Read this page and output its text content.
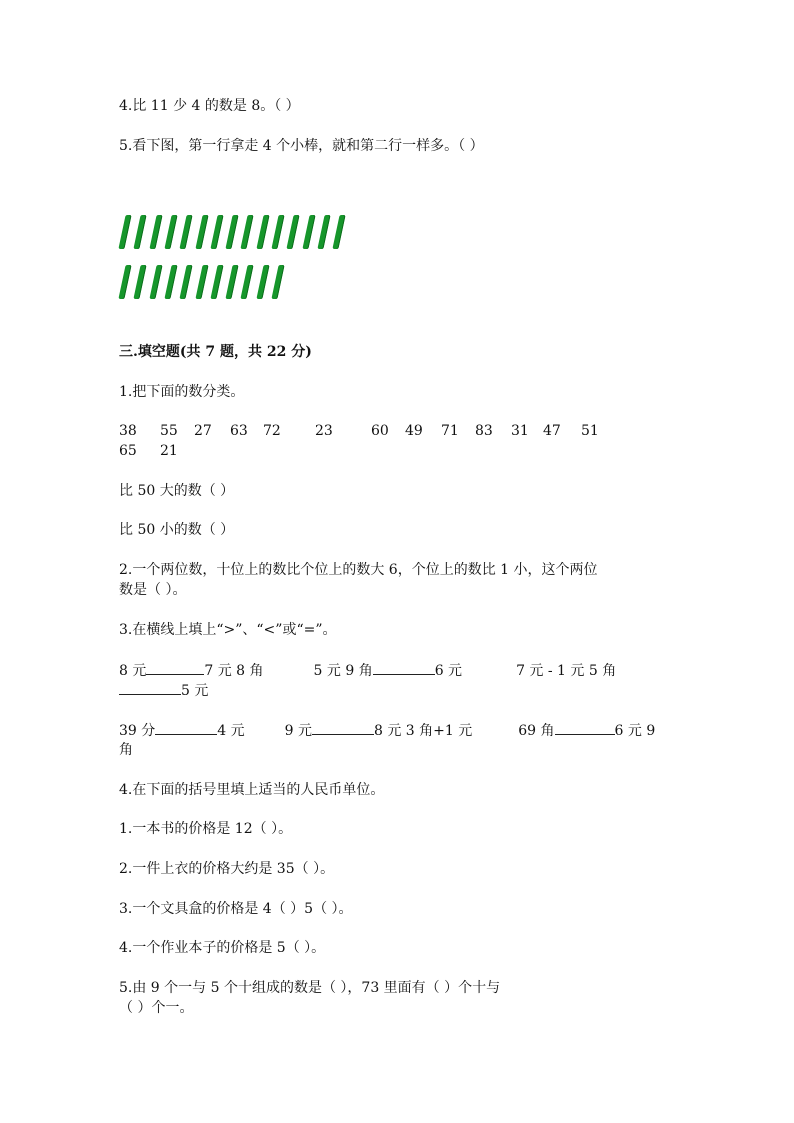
4.比 11 少 4 的数是 8。（ ）
5.看下图，第一行拿走 4 个小棒，就和第二行一样多。（ ）
三.填空题(共 7 题，共 22 分)
1.把下面的数分类。
38 55 27 63 72 23	60 49 71 83 31 47 51
65 21
比 50 大的数（ ）
比 50 小的数（ ）
2.一个两位数，十位上的数比个位上的数大 6，个位上的数比 1 小，这个两位
数是（ ）。
3.在横线上填上“>”、“<”或“=”。
8 元	7 元 8 角	5 元 9 角	6 元	7 元 - 1 元 5 角
5 元
39 分	4 元	9 元	8 元 3 角+1 元	69 角	6 元 9
角
4.在下面的括号里填上适当的人民币单位。
1.一本书的价格是 12（ ）。
2.一件上衣的价格大约是 35（ ）。
3.一个文具盒的价格是 4（ ）5（ ）。
4.一个作业本子的价格是 5（ ）。
5.由 9 个一与 5 个十组成的数是（ ），73 里面有（ ）个十与
（ ）个一。
